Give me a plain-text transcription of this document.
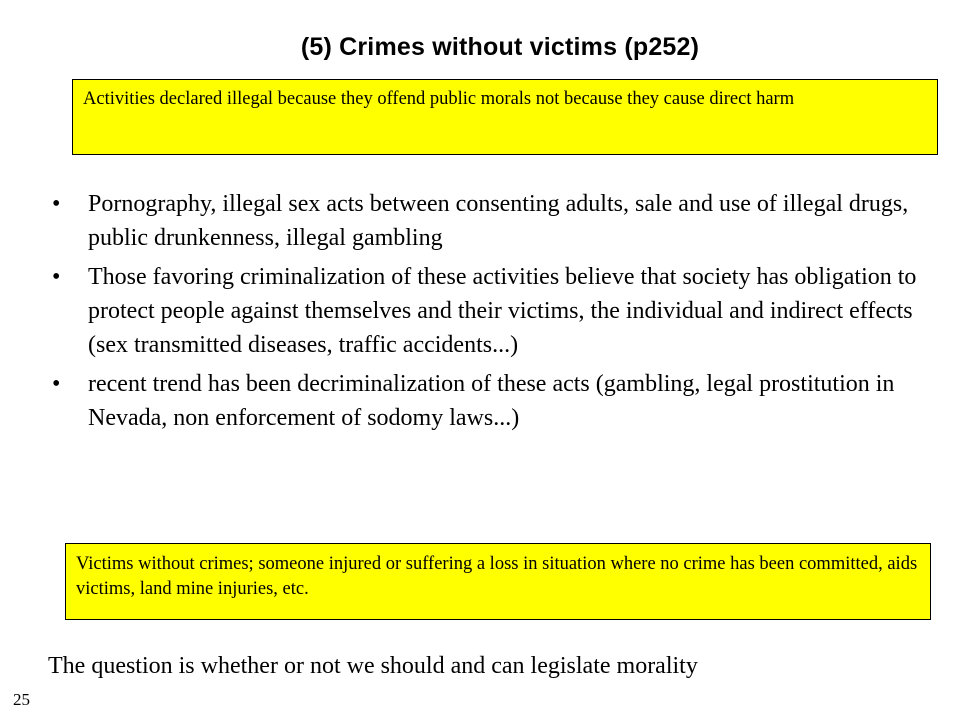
(5) Crimes without victims (p252)
Activities declared illegal because they offend public morals not because they cause direct harm
•	Pornography, illegal sex acts between consenting adults, sale and use of illegal drugs, public drunkenness, illegal gambling
•	Those favoring criminalization of these activities believe that society has obligation to protect people against themselves and their victims, the individual and indirect effects (sex transmitted diseases, traffic accidents...)
•	recent trend has been decriminalization of these acts (gambling, legal prostitution in Nevada, non enforcement of sodomy laws...)
Victims without crimes; someone injured or suffering a loss in situation where no crime has been committed, aids victims, land mine injuries, etc.
The question is whether or not we should and can legislate morality
25
